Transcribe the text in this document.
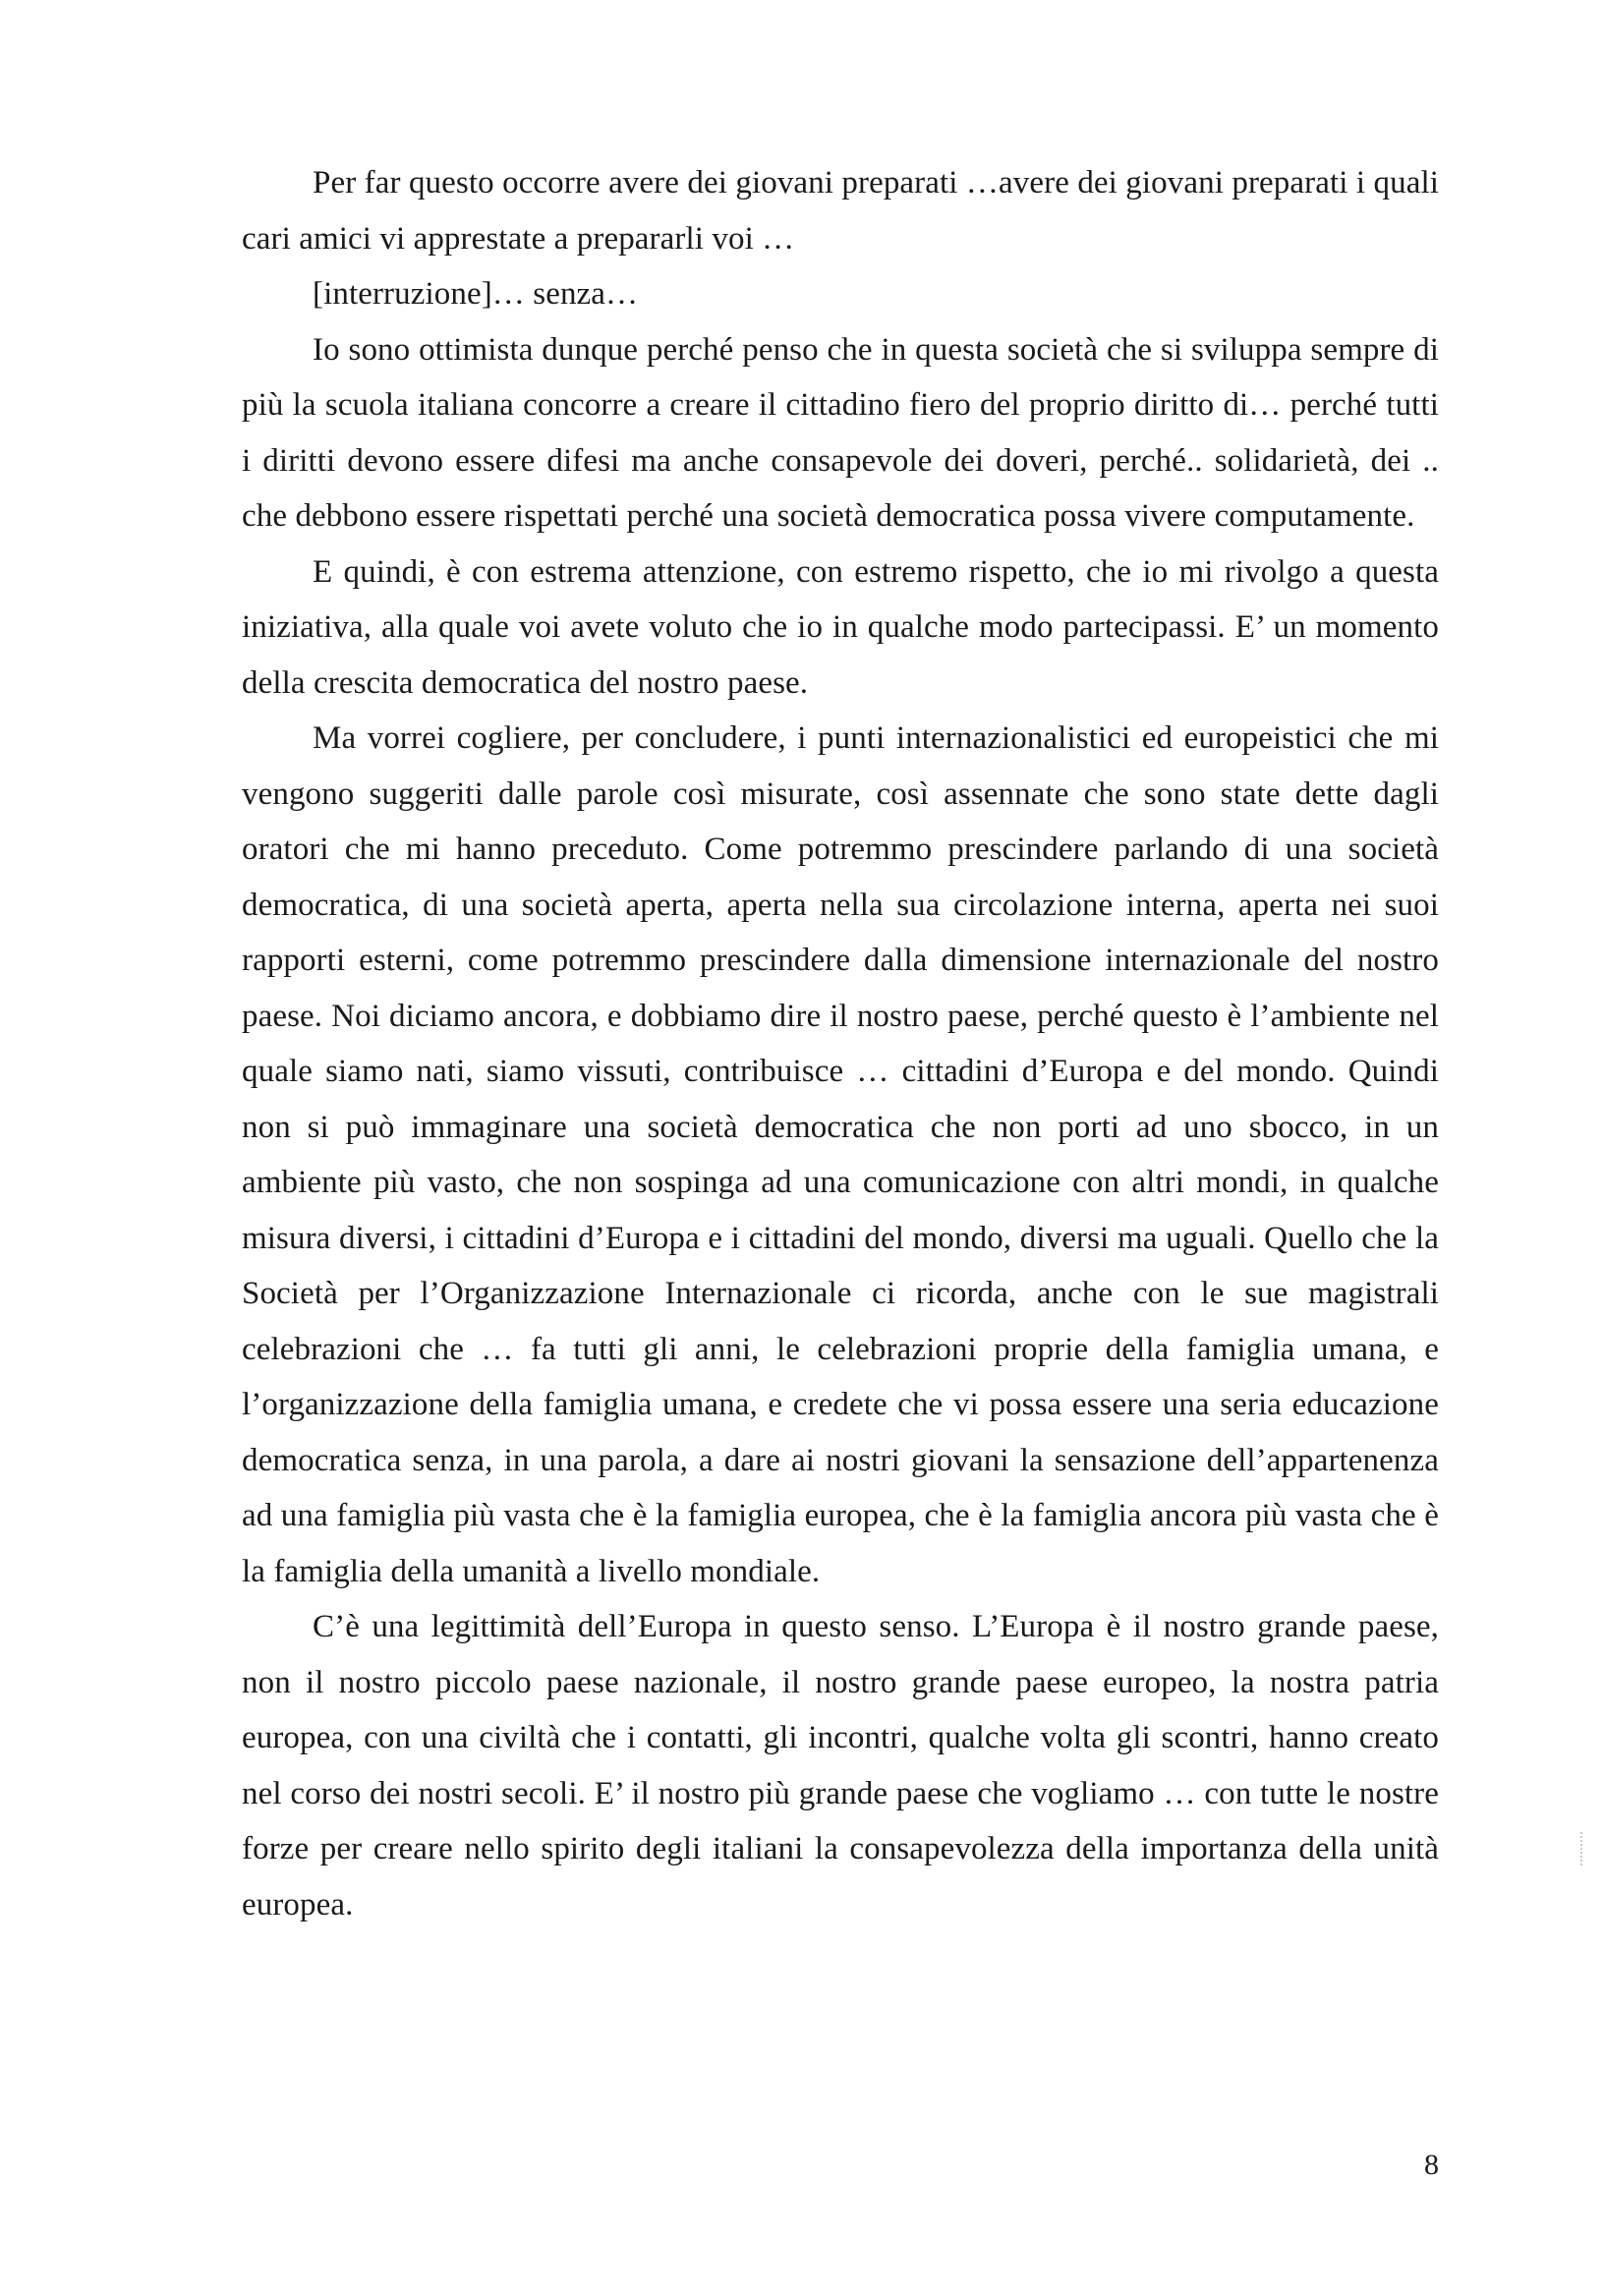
Per far questo occorre avere dei giovani preparati …avere dei giovani preparati i quali cari amici vi apprestate a prepararli voi …

[interruzione]… senza…

Io sono ottimista dunque perché penso che in questa società che si sviluppa sempre di più la scuola italiana concorre a creare il cittadino fiero del proprio diritto di… perché tutti i diritti devono essere difesi ma anche consapevole dei doveri, perché.. solidarietà, dei .. che debbono essere rispettati perché una società democratica possa vivere computamente.

E quindi, è con estrema attenzione, con estremo rispetto, che io mi rivolgo a questa iniziativa, alla quale voi avete voluto che io in qualche modo partecipassi. E’ un momento della crescita democratica del nostro paese.

Ma vorrei cogliere, per concludere, i punti internazionalistici ed europeistici che mi vengono suggeriti dalle parole così misurate, così assennate che sono state dette dagli oratori che mi hanno preceduto. Come potremmo prescindere parlando di una società democratica, di una società aperta, aperta nella sua circolazione interna, aperta nei suoi rapporti esterni, come potremmo prescindere dalla dimensione internazionale del nostro paese. Noi diciamo ancora, e dobbiamo dire il nostro paese, perché questo è l’ambiente nel quale siamo nati, siamo vissuti, contribuisce … cittadini d’Europa e del mondo. Quindi non si può immaginare una società democratica che non porti ad uno sbocco, in un ambiente più vasto, che non sospinga ad una comunicazione con altri mondi, in qualche misura diversi, i cittadini d’Europa e i cittadini del mondo, diversi ma uguali. Quello che la Società per l’Organizzazione Internazionale ci ricorda, anche con le sue magistrali celebrazioni che … fa tutti gli anni, le celebrazioni proprie della famiglia umana, e l’organizzazione della famiglia umana, e credete che vi possa essere una seria educazione democratica senza, in una parola, a dare ai nostri giovani la sensazione dell’appartenenza ad una famiglia più vasta che è la famiglia europea, che è la famiglia ancora più vasta che è la famiglia della umanità a livello mondiale.

C’è una legittimità dell’Europa in questo senso. L’Europa è il nostro grande paese, non il nostro piccolo paese nazionale, il nostro grande paese europeo, la nostra patria europea, con una civiltà che i contatti, gli incontri, qualche volta gli scontri, hanno creato nel corso dei nostri secoli. E’ il nostro più grande paese che vogliamo … con tutte le nostre forze per creare nello spirito degli italiani la consapevolezza della importanza della unità europea.

8
